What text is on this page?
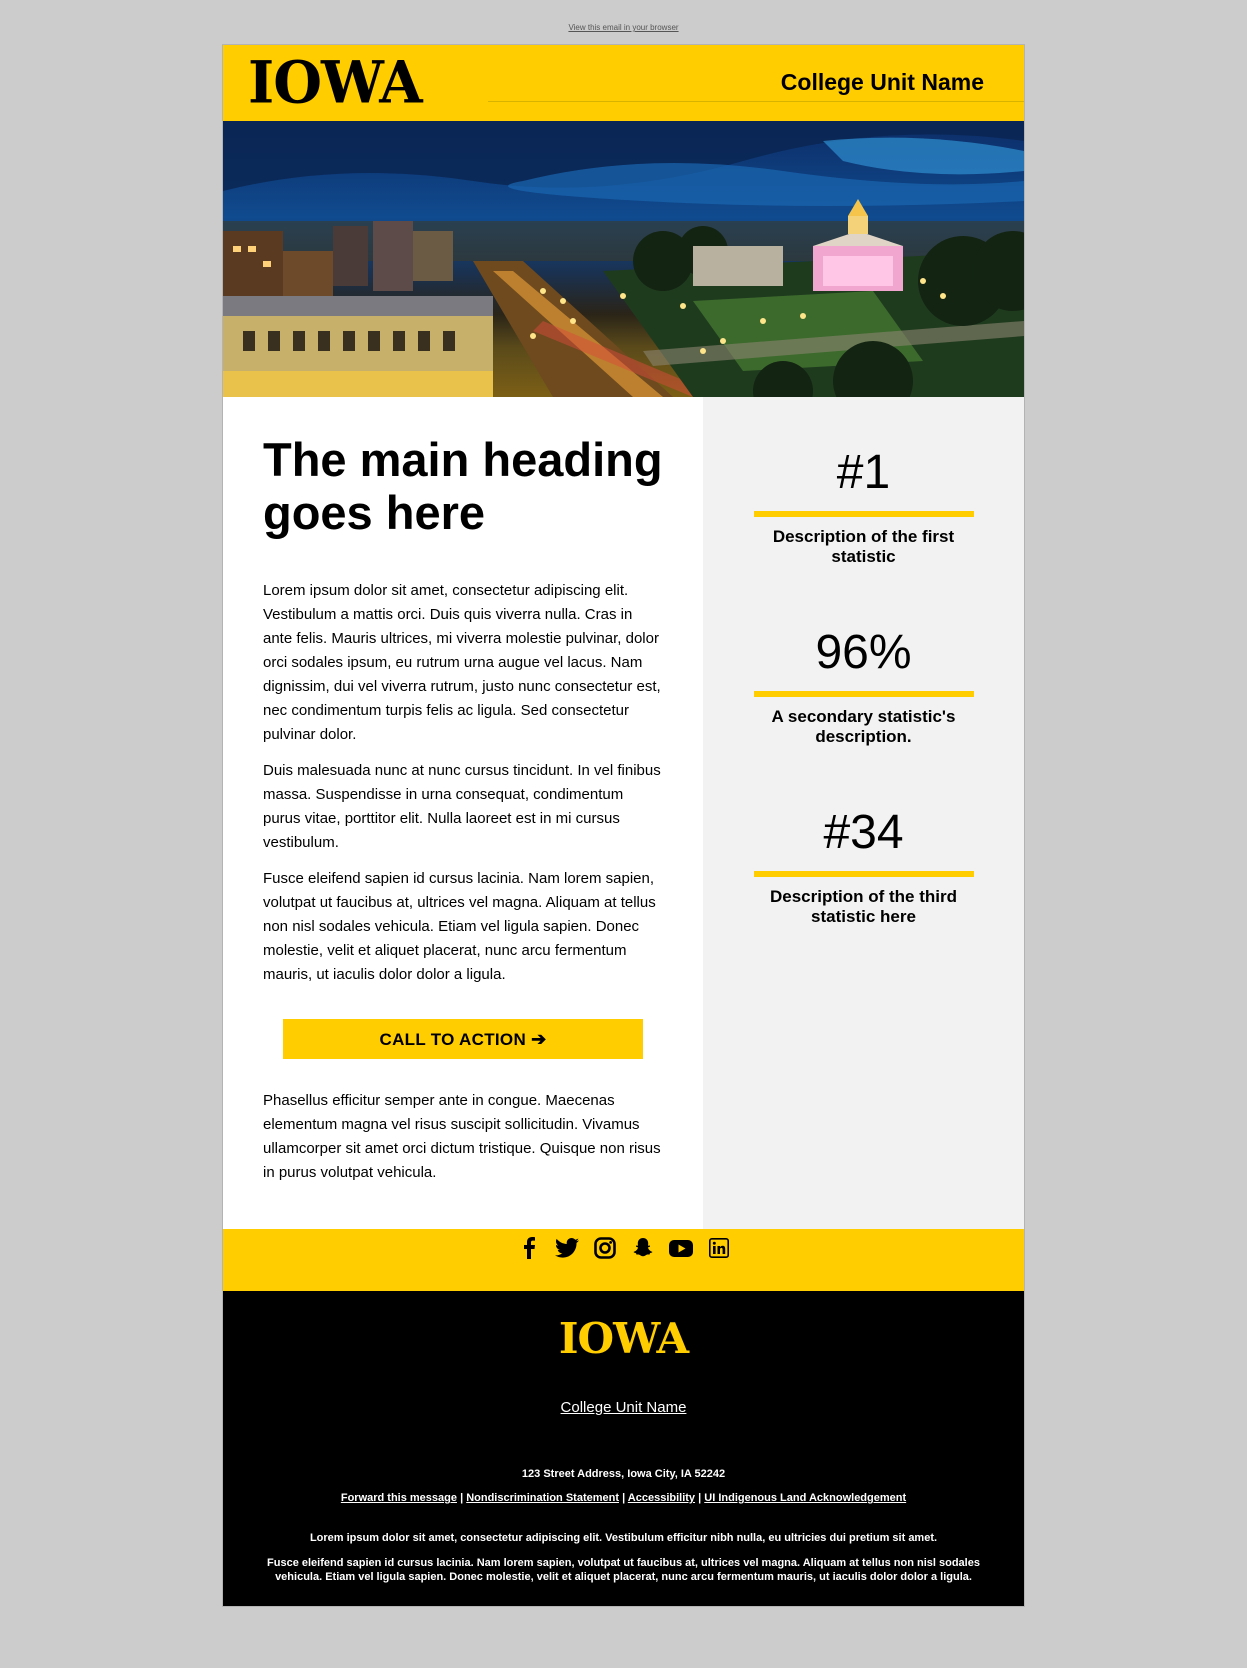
View this email in your browser
IOWA	College Unit Name
The main heading goes here

Lorem ipsum dolor sit amet, consectetur adipiscing elit. Vestibulum a mattis orci. Duis quis viverra nulla. Cras in ante felis. Mauris ultrices, mi viverra molestie pulvinar, dolor orci sodales ipsum, eu rutrum urna augue vel lacus. Nam dignissim, dui vel viverra rutrum, justo nunc consectetur est, nec condimentum turpis felis ac ligula. Sed consectetur pulvinar dolor.

Duis malesuada nunc at nunc cursus tincidunt. In vel finibus massa. Suspendisse in urna consequat, condimentum purus vitae, porttitor elit. Nulla laoreet est in mi cursus vestibulum.

Fusce eleifend sapien id cursus lacinia. Nam lorem sapien, volutpat ut faucibus at, ultrices vel magna. Aliquam at tellus non nisl sodales vehicula. Etiam vel ligula sapien. Donec molestie, velit et aliquet placerat, nunc arcu fermentum mauris, ut iaculis dolor dolor a ligula.

CALL TO ACTION ➔

Phasellus efficitur semper ante in congue. Maecenas elementum magna vel risus suscipit sollicitudin. Vivamus ullamcorper sit amet orci dictum tristique. Quisque non risus in purus volutpat vehicula.

#1
Description of the first statistic
96%
A secondary statistic's description.
#34
Description of the third statistic here
IOWA
College Unit Name
123 Street Address, Iowa City, IA 52242
Forward this message | Nondiscrimination Statement | Accessibility | UI Indigenous Land Acknowledgement
Lorem ipsum dolor sit amet, consectetur adipiscing elit. Vestibulum efficitur nibh nulla, eu ultricies dui pretium sit amet.
Fusce eleifend sapien id cursus lacinia. Nam lorem sapien, volutpat ut faucibus at, ultrices vel magna. Aliquam at tellus non nisl sodales vehicula. Etiam vel ligula sapien. Donec molestie, velit et aliquet placerat, nunc arcu fermentum mauris, ut iaculis dolor dolor a ligula.
